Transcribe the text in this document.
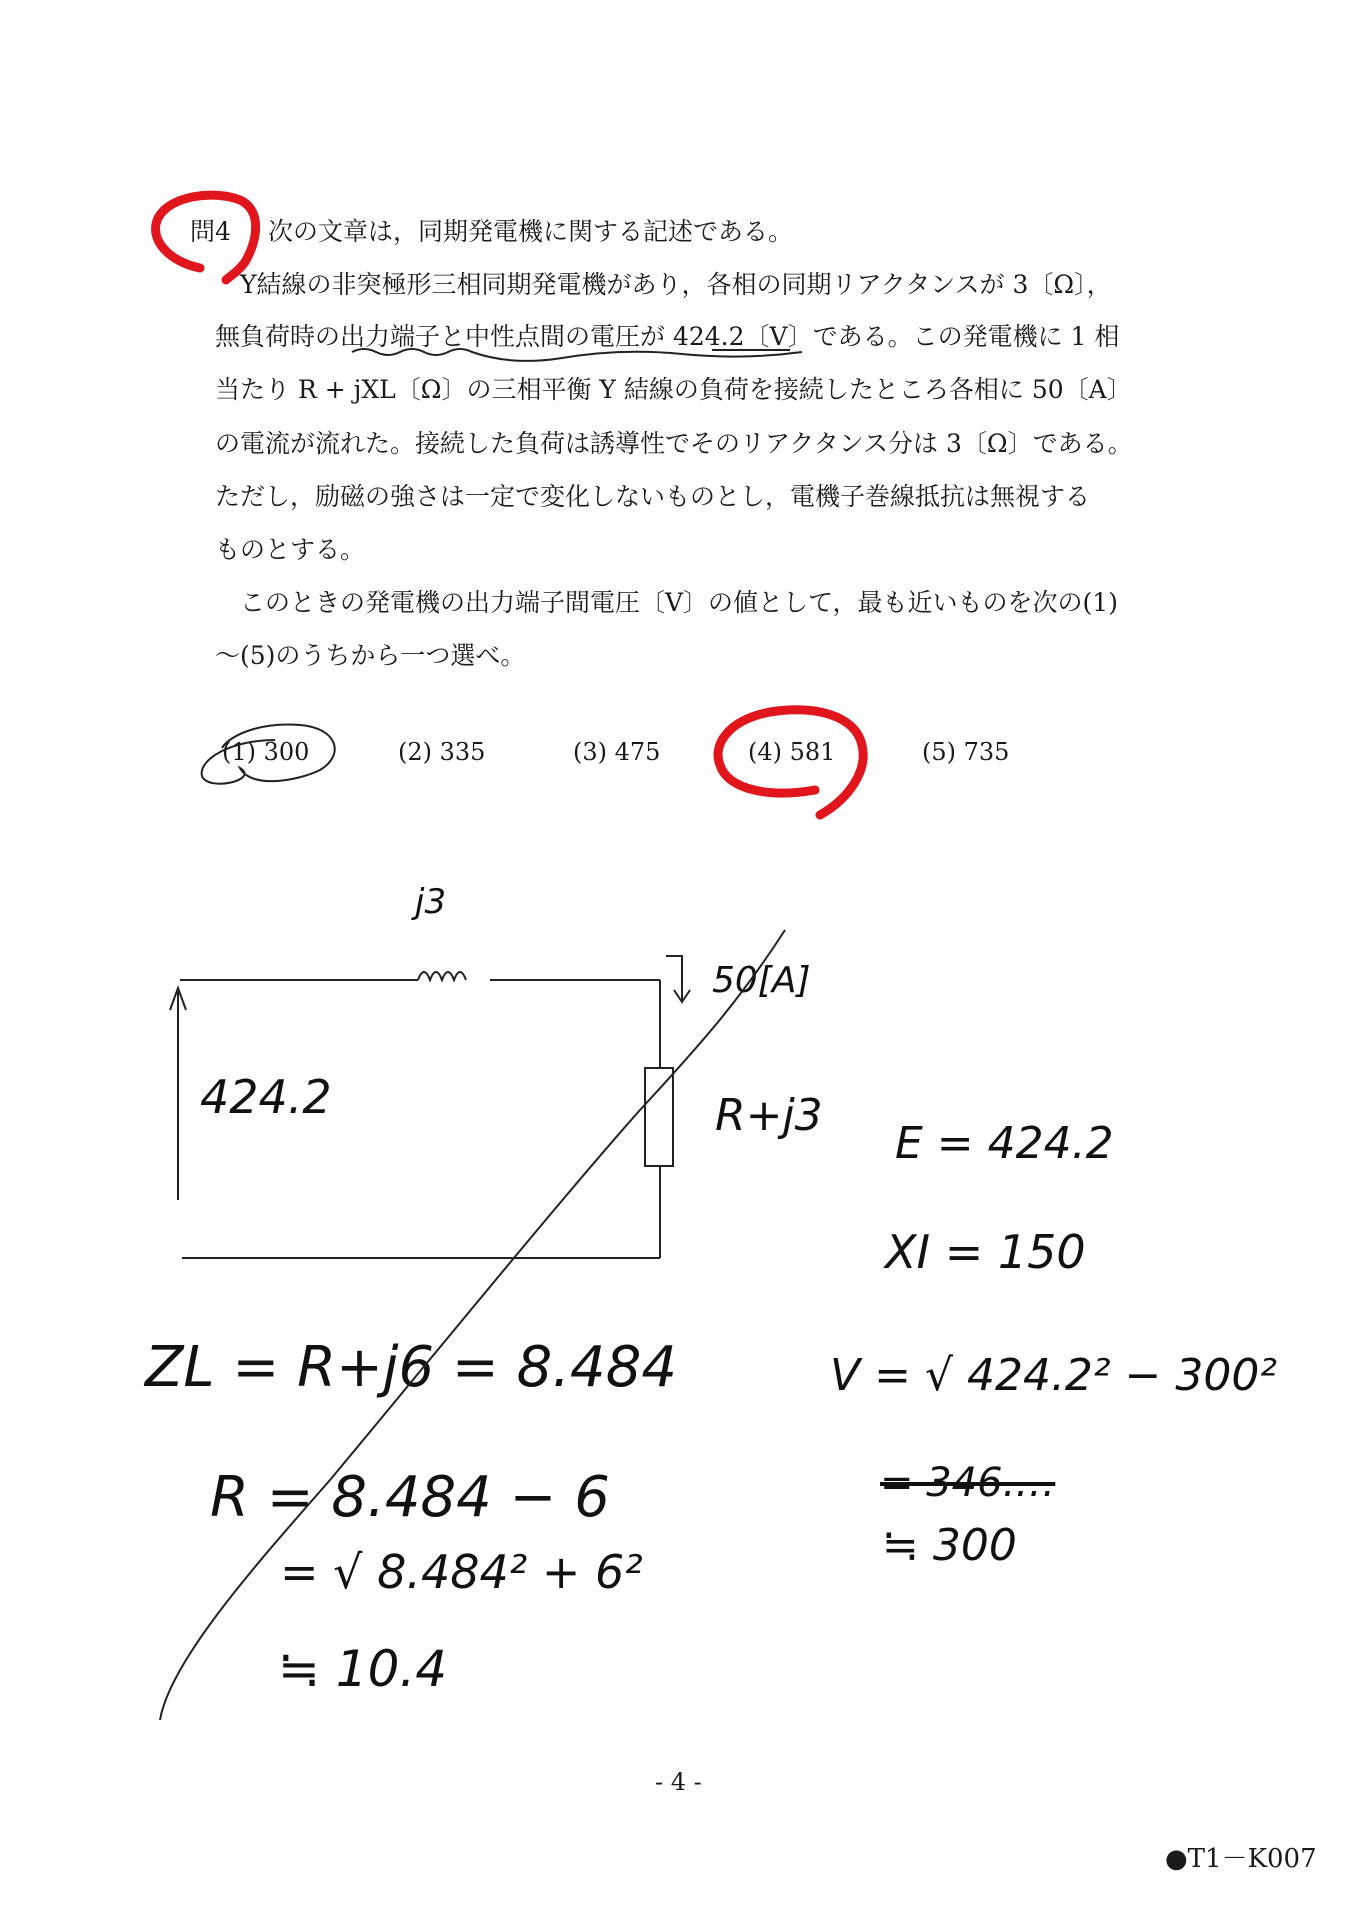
問4 次の文章は，同期発電機に関する記述である。
Y結線の非突極形三相同期発電機があり，各相の同期リアクタンスが 3〔Ω〕，
無負荷時の出力端子と中性点間の電圧が 424.2〔V〕である。この発電機に 1 相
当たり R + jXL〔Ω〕の三相平衡 Y 結線の負荷を接続したところ各相に 50〔A〕
の電流が流れた。接続した負荷は誘導性でそのリアクタンス分は 3〔Ω〕である。
ただし，励磁の強さは一定で変化しないものとし，電機子巻線抵抗は無視する
ものとする。
このときの発電機の出力端子間電圧〔V〕の値として，最も近いものを次の(1)
～(5)のうちから一つ選べ。
(1) 300	(2) 335	(3) 475	(4) 581	(5) 735
j3
50[A]
424.2	R+j3
ZL = R+j6 = 8.484
R = 8.484 − 6
= √ 8.484² + 6²
≒ 10.4
E = 424.2
XI = 150
V = √ 424.2² − 300²
= 346.…
≒ 300
- 4 -
●T1－K007
